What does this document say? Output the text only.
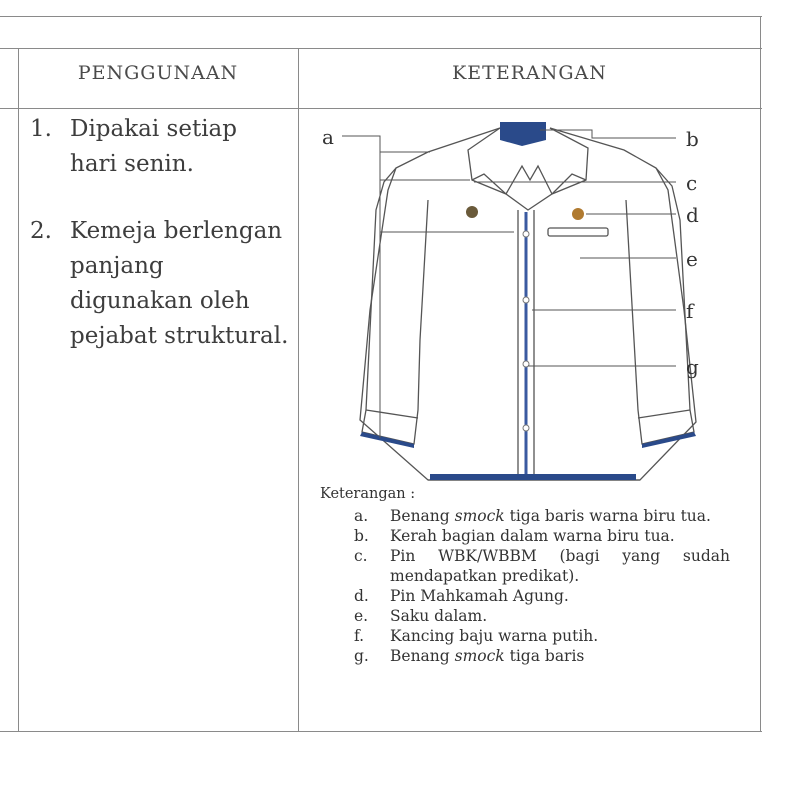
PENGGUNAAN	KETERANGAN
1. Dipakai setiap hari senin.
2. Kemeja berlengan panjang digunakan oleh pejabat struktural.
a	b
c
d
e
f
g
Keterangan :
a.	Benang smock tiga baris warna biru tua.
b.	Kerah bagian dalam warna biru tua.
c.	Pin WBK/WBBM (bagi yang sudah mendapatkan predikat).
d.	Pin Mahkamah Agung.
e.	Saku dalam.
f.	Kancing baju warna putih.
g.	Benang smock tiga baris
